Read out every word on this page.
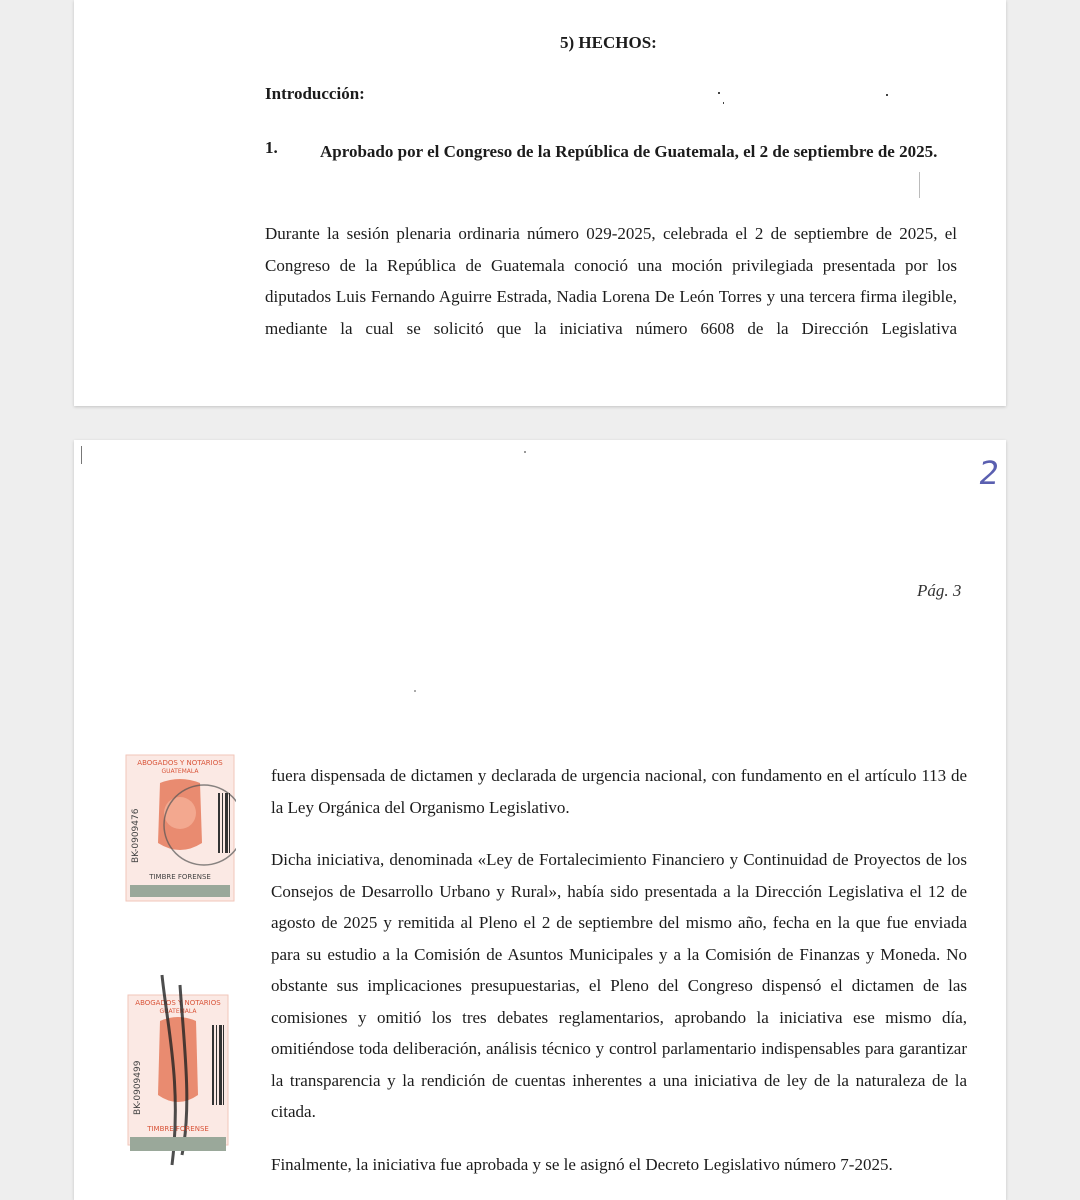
5) HECHOS:
Introducción:
1.	Aprobado por el Congreso de la República de Guatemala, el 2 de septiembre de 2025.
Durante la sesión plenaria ordinaria número 029-2025, celebrada el 2 de septiembre de 2025, el Congreso de la República de Guatemala conoció una moción privilegiada presentada por los diputados Luis Fernando Aguirre Estrada, Nadia Lorena De León Torres y una tercera firma ilegible, mediante la cual se solicitó que la iniciativa número 6608 de la Dirección Legislativa
2
Pág. 3
fuera dispensada de dictamen y declarada de urgencia nacional, con fundamento en el artículo 113 de la Ley Orgánica del Organismo Legislativo.
Dicha iniciativa, denominada «Ley de Fortalecimiento Financiero y Continuidad de Proyectos de los Consejos de Desarrollo Urbano y Rural», había sido presentada a la Dirección Legislativa el 12 de agosto de 2025 y remitida al Pleno el 2 de septiembre del mismo año, fecha en la que fue enviada para su estudio a la Comisión de Asuntos Municipales y a la Comisión de Finanzas y Moneda. No obstante sus implicaciones presupuestarias, el Pleno del Congreso dispensó el dictamen de las comisiones y omitió los tres debates reglamentarios, aprobando la iniciativa ese mismo día, omitiéndose toda deliberación, análisis técnico y control parlamentario indispensables para garantizar la transparencia y la rendición de cuentas inherentes a una iniciativa de ley de la naturaleza de la citada.
Finalmente, la iniciativa fue aprobada y se le asignó el Decreto Legislativo número 7-2025.
ABOGADOS Y NOTARIOS
GUATEMALA
BK-0909476
TIMBRE FORENSE
ABOGADOS Y NOTARIOS
GUATEMALA
BK-0909499
TIMBRE FORENSE
